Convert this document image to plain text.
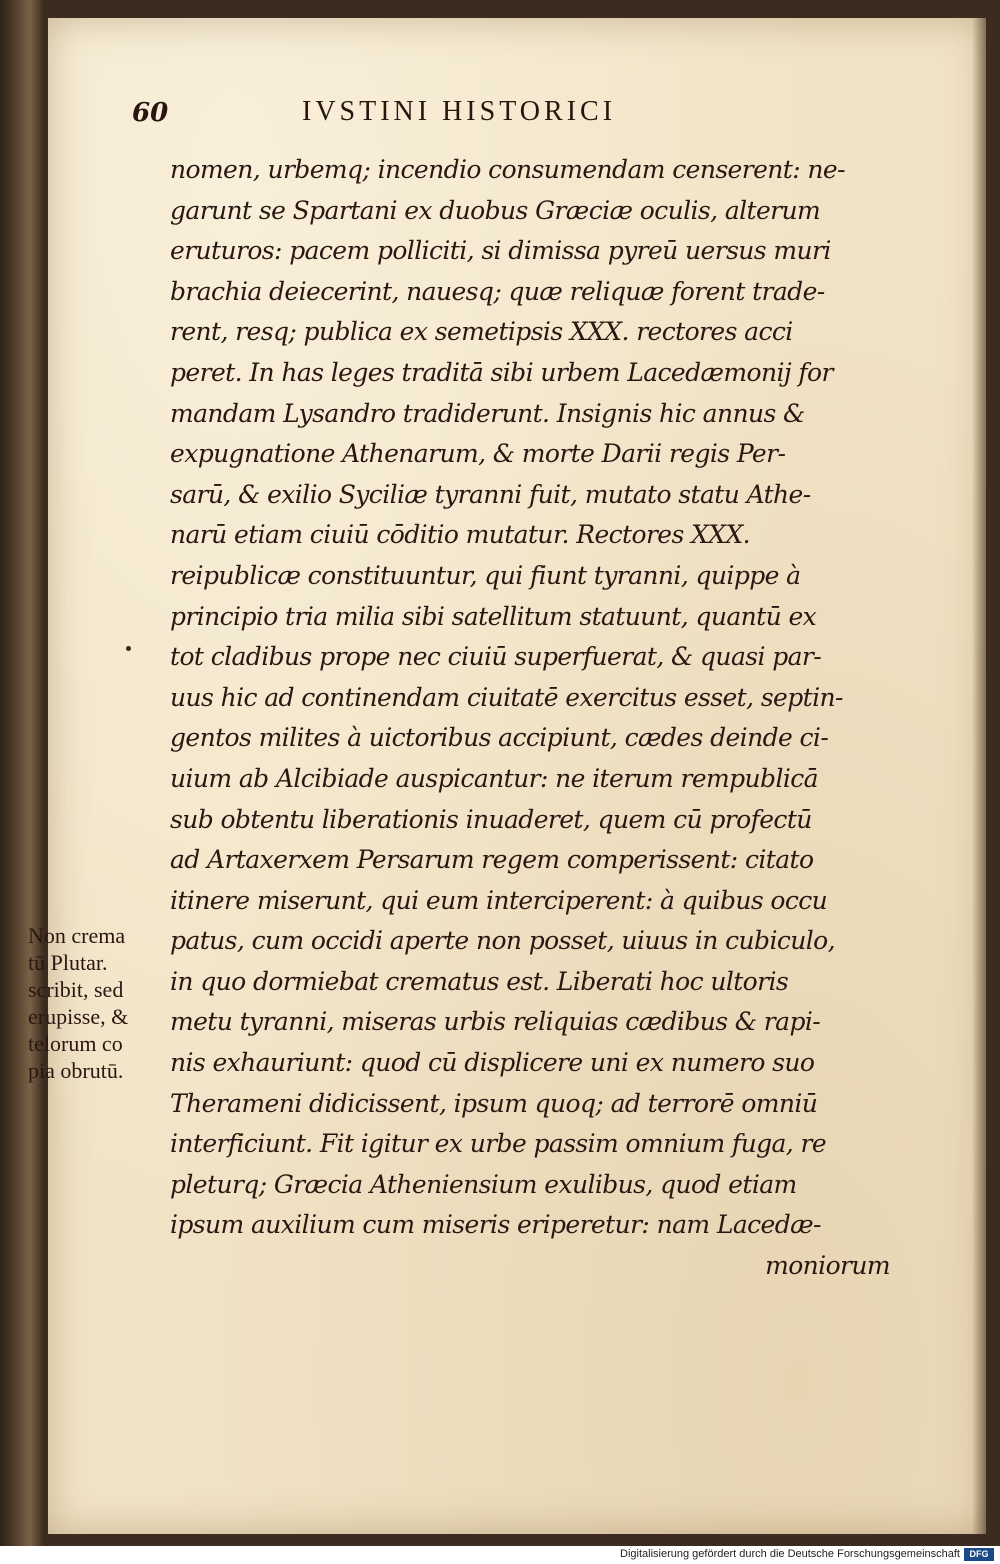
60	IVSTINI HISTORICI
nomen, urbemq; incendio consumendam censerent: ne-
garunt se Spartani ex duobus Græciæ oculis, alterum
eruturos: pacem polliciti, si dimissa pyreū uersus muri
brachia deiecerint, nauesq; quæ reliquæ forent trade-
rent, resq; publica ex semetipsis XXX. rectores acci
peret. In has leges traditā sibi urbem Lacedæmonij for
mandam Lysandro tradiderunt. Insignis hic annus &
expugnatione Athenarum, & morte Darii regis Per-
sarū, & exilio Syciliæ tyranni fuit, mutato statu Athe-
narū etiam ciuiū cōditio mutatur. Rectores XXX.
reipublicæ constituuntur, qui fiunt tyranni, quippe à
principio tria milia sibi satellitum statuunt, quantū ex
tot cladibus prope nec ciuiū superfuerat, & quasi par-
uus hic ad continendam ciuitatē exercitus esset, septin-
gentos milites à uictoribus accipiunt, cædes deinde ci-
uium ab Alcibiade auspicantur: ne iterum rempublicā
sub obtentu liberationis inuaderet, quem cū profectū
ad Artaxerxem Persarum regem comperissent: citato
itinere miserunt, qui eum interciperent: à quibus occu
patus, cum occidi aperte non posset, uiuus in cubiculo,
in quo dormiebat crematus est. Liberati hoc ultoris
metu tyranni, miseras urbis reliquias cædibus & rapi-
nis exhauriunt: quod cū displicere uni ex numero suo
Therameni didicissent, ipsum quoq; ad terrorē omniū
interficiunt. Fit igitur ex urbe passim omnium fuga, re
pleturq; Græcia Atheniensium exulibus, quod etiam
ipsum auxilium cum miseris eriperetur: nam Lacedæ-
moniorum
Non crema
tū Plutar.
scribit, sed
erupisse, &
telorum co
pia obrutū.
Digitalisierung gefördert durch die Deutsche Forschungsgemeinschaft	DFG
